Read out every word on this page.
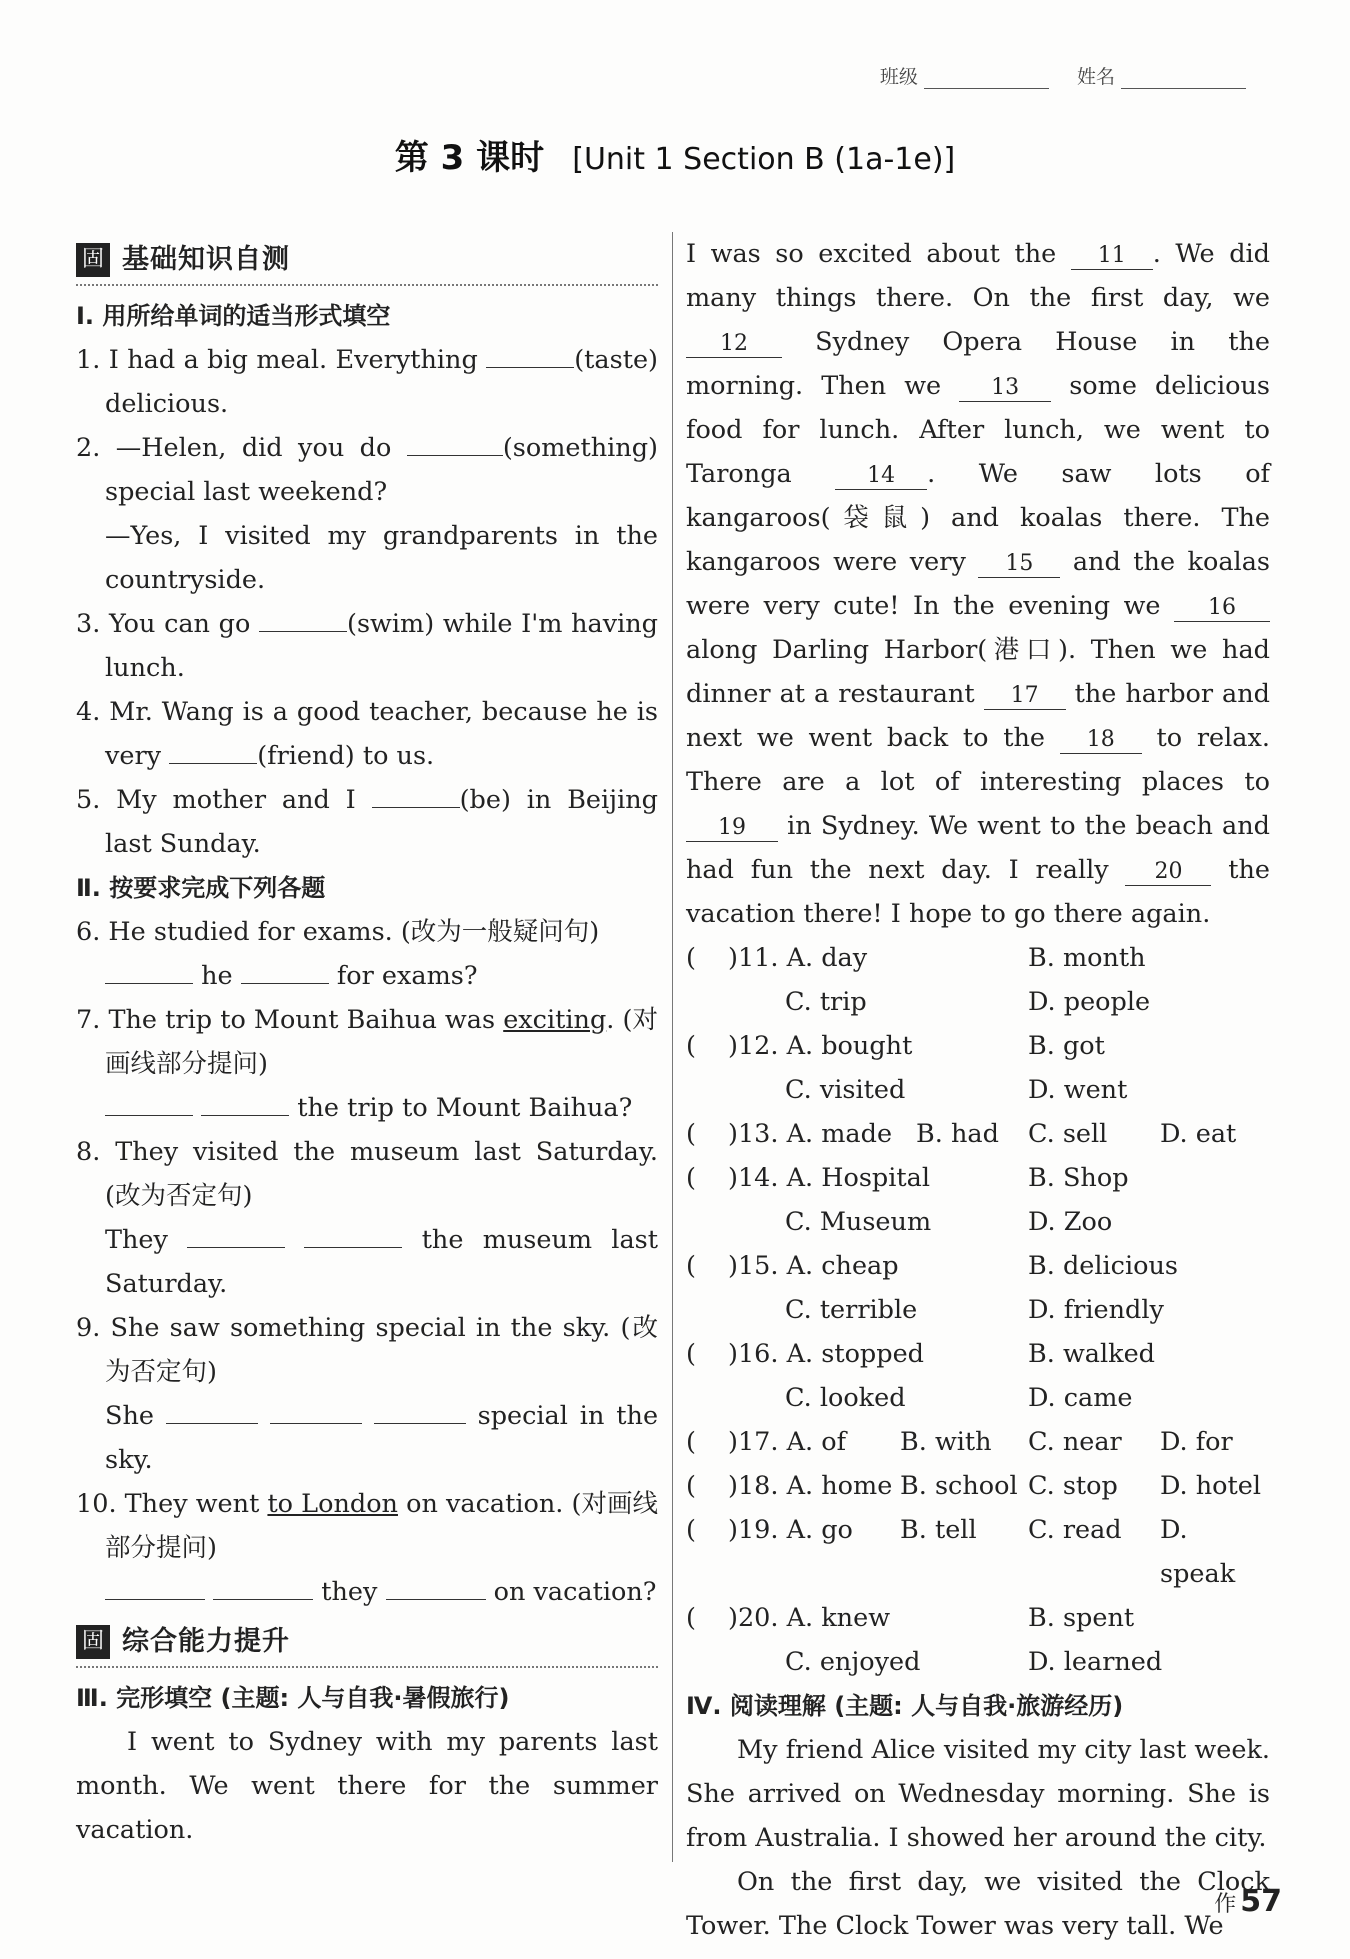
班级	姓名
第 3 课时 [Unit 1 Section B (1a-1e)]
固 基础知识自测
Ⅰ. 用所给单词的适当形式填空
1. I had a big meal. Everything	(taste) delicious.
2. —Helen, did you do	(something) special last weekend?
—Yes, I visited my grandparents in the countryside.
3. You can go	(swim) while I'm having lunch.
4. Mr. Wang is a good teacher, because he is very	(friend) to us.
5. My mother and I	(be) in Beijing last Sunday.
Ⅱ. 按要求完成下列各题
6. He studied for exams. (改为一般疑问句)
he	for exams?
7. The trip to Mount Baihua was exciting. (对画线部分提问)
the trip to Mount Baihua?
8. They visited the museum last Saturday. (改为否定句)
They	the museum last Saturday.
9. She saw something special in the sky. (改为否定句)
She	special in the sky.
10. They went to London on vacation. (对画线部分提问)
they	on vacation?
固 综合能力提升
Ⅲ. 完形填空 (主题: 人与自我·暑假旅行)
I went to Sydney with my parents last month. We went there for the summer vacation.
I was so excited about the 11 . We did many things there. On the first day, we 12	Sydney Opera House in the morning. Then we 13 some delicious food for lunch. After lunch, we went to Taronga	14 . We saw lots of kangaroos(袋鼠) and koalas there. The kangaroos were very 15 and the koalas were very cute! In the evening we 16 along Darling Harbor(港口). Then we had dinner at a restaurant 17 the harbor and next we went back to the 18 to relax. There are a lot of interesting places to 19 in Sydney. We went to the beach and had fun the next day. I really 20 the vacation there! I hope to go there again.
( )11. A. day	B. month
C. trip	D. people
( )12. A. bought	B. got
C. visited	D. went
( )13. A. made B. had	C. sell	D. eat
( )14. A. Hospital	B. Shop
C. Museum	D. Zoo
( )15. A. cheap	B. delicious
C. terrible	D. friendly
( )16. A. stopped	B. walked
C. looked	D. came
( )17. A. of	B. with	C. near	D. for
( )18. A. home B. school C. stop	D. hotel
( )19. A. go	B. tell	C. read	D. speak
( )20. A. knew	B. spent
C. enjoyed	D. learned
Ⅳ. 阅读理解 (主题: 人与自我·旅游经历)
My friend Alice visited my city last week. She arrived on Wednesday morning. She is from Australia. I showed her around the city.
On the first day, we visited the Clock Tower. The Clock Tower was very tall. We
作 57
